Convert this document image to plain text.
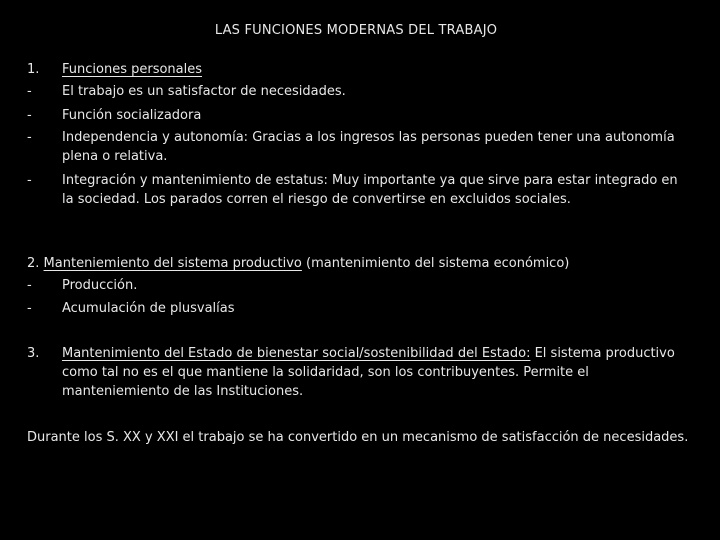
LAS FUNCIONES MODERNAS DEL TRABAJO
1. Funciones personales
- El trabajo es un satisfactor de necesidades.
- Función socializadora
- Independencia y autonomía: Gracias a los ingresos las personas pueden tener una autonomía plena o relativa.
- Integración y mantenimiento de estatus: Muy importante ya que sirve para estar integrado en la sociedad. Los parados corren el riesgo de convertirse en excluidos sociales.
2. Manteniemiento del sistema productivo (mantenimiento del sistema económico)
- Producción.
- Acumulación de plusvalías
3. Mantenimiento del Estado de bienestar social/sostenibilidad del Estado: El sistema productivo como tal no es el que mantiene la solidaridad, son los contribuyentes. Permite el manteniemiento de las Instituciones.
Durante los S. XX y XXI el trabajo se ha convertido en un mecanismo de satisfacción de necesidades.
